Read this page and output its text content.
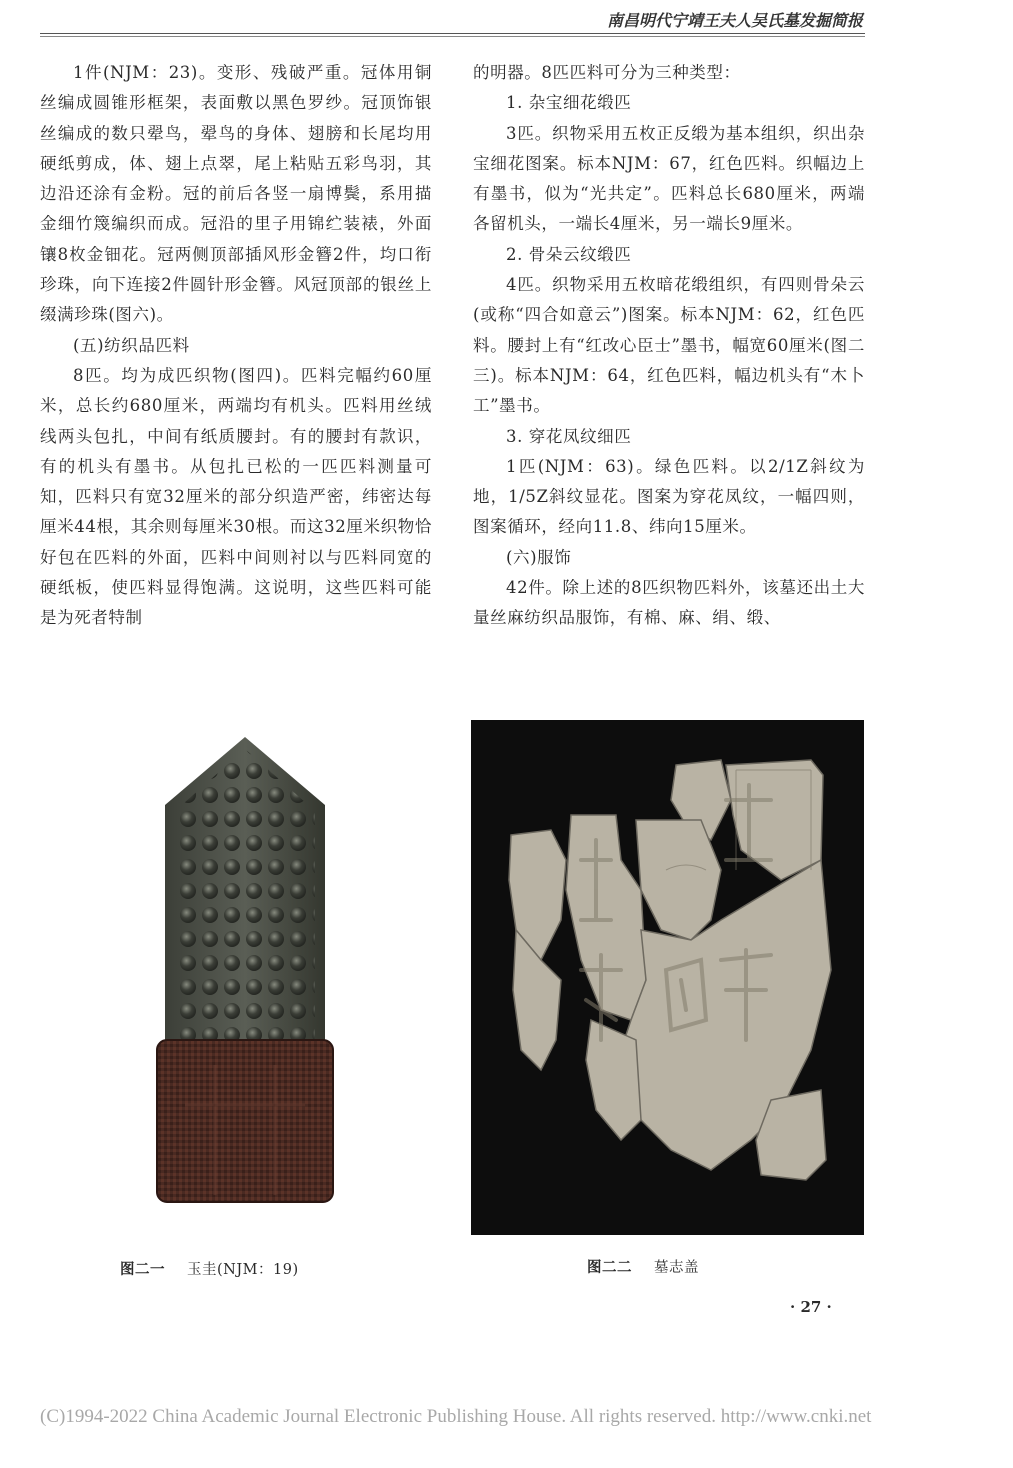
南昌明代宁靖王夫人吴氏墓发掘简报

1件(NJM：23)。变形、残破严重。冠体用铜丝编成圆锥形框架，表面敷以黑色罗纱。冠顶饰银丝编成的数只翚鸟，翚鸟的身体、翅膀和长尾均用硬纸剪成，体、翅上点翠，尾上粘贴五彩鸟羽，其边沿还涂有金粉。冠的前后各竖一扇博鬓，系用描金细竹篾编织而成。冠沿的里子用锦纻装裱，外面镶8枚金钿花。冠两侧顶部插风形金簪2件，均口衔珍珠，向下连接2件圆针形金簪。风冠顶部的银丝上缀满珍珠(图六)。

(五)纺织品匹料

8匹。均为成匹织物(图四)。匹料完幅约60厘米，总长约680厘米，两端均有机头。匹料用丝绒线两头包扎，中间有纸质腰封。有的腰封有款识，有的机头有墨书。从包扎已松的一匹匹料测量可知，匹料只有宽32厘米的部分织造严密，纬密达每厘米44根，其余则每厘米30根。而这32厘米织物恰好包在匹料的外面，匹料中间则衬以与匹料同宽的硬纸板，使匹料显得饱满。这说明，这些匹料可能是为死者特制

的明器。8匹匹料可分为三种类型：

1. 杂宝细花缎匹

3匹。织物采用五枚正反缎为基本组织，织出杂宝细花图案。标本NJM：67，红色匹料。织幅边上有墨书，似为“光共定”。匹料总长680厘米，两端各留机头，一端长4厘米，另一端长9厘米。

2. 骨朵云纹缎匹

4匹。织物采用五枚暗花缎组织，有四则骨朵云(或称“四合如意云”)图案。标本NJM：62，红色匹料。腰封上有“红改心臣士”墨书，幅宽60厘米(图二三)。标本NJM：64，红色匹料，幅边机头有“木卜工”墨书。

3. 穿花凤纹细匹

1匹(NJM：63)。绿色匹料。以2/1Z斜纹为地，1/5Z斜纹显花。图案为穿花凤纹，一幅四则，图案循环，经向11.8、纬向15厘米。

(六)服饰

42件。除上述的8匹织物匹料外，该墓还出土大量丝麻纺织品服饰，有棉、麻、绢、缎、

图二一 玉圭(NJM：19)	图二二 墓志盖
· 27 ·
(C)1994-2022 China Academic Journal Electronic Publishing House. All rights reserved. http://www.cnki.net
